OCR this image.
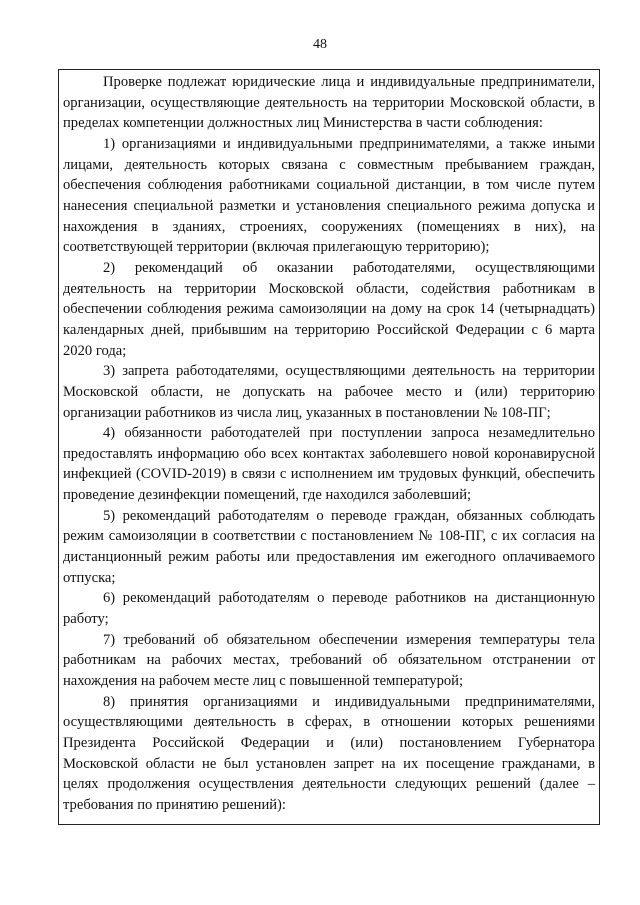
48

Проверке подлежат юридические лица и индивидуальные предприниматели, организации, осуществляющие деятельность на территории Московской области, в пределах компетенции должностных лиц Министерства в части соблюдения:

1) организациями и индивидуальными предпринимателями, а также иными лицами, деятельность которых связана с совместным пребыванием граждан, обеспечения соблюдения работниками социальной дистанции, в том числе путем нанесения специальной разметки и установления специального режима допуска и нахождения в зданиях, строениях, сооружениях (помещениях в них), на соответствующей территории (включая прилегающую территорию);

2) рекомендаций об оказании работодателями, осуществляющими деятельность на территории Московской области, содействия работникам в обеспечении соблюдения режима самоизоляции на дому на срок 14 (четырнадцать) календарных дней, прибывшим на территорию Российской Федерации с 6 марта 2020 года;

3) запрета работодателями, осуществляющими деятельность на территории Московской области, не допускать на рабочее место и (или) территорию организации работников из числа лиц, указанных в постановлении № 108-ПГ;

4) обязанности работодателей при поступлении запроса незамедлительно предоставлять информацию обо всех контактах заболевшего новой коронавирусной инфекцией (COVID-2019) в связи с исполнением им трудовых функций, обеспечить проведение дезинфекции помещений, где находился заболевший;

5) рекомендаций работодателям о переводе граждан, обязанных соблюдать режим самоизоляции в соответствии с постановлением № 108-ПГ, с их согласия на дистанционный режим работы или предоставления им ежегодного оплачиваемого отпуска;

6) рекомендаций работодателям о переводе работников на дистанционную работу;

7) требований об обязательном обеспечении измерения температуры тела работникам на рабочих местах, требований об обязательном отстранении от нахождения на рабочем месте лиц с повышенной температурой;

8) принятия организациями и индивидуальными предпринимателями, осуществляющими деятельность в сферах, в отношении которых решениями Президента Российской Федерации и (или) постановлением Губернатора Московской области не был установлен запрет на их посещение гражданами, в целях продолжения осуществления деятельности следующих решений (далее – требования по принятию решений):
